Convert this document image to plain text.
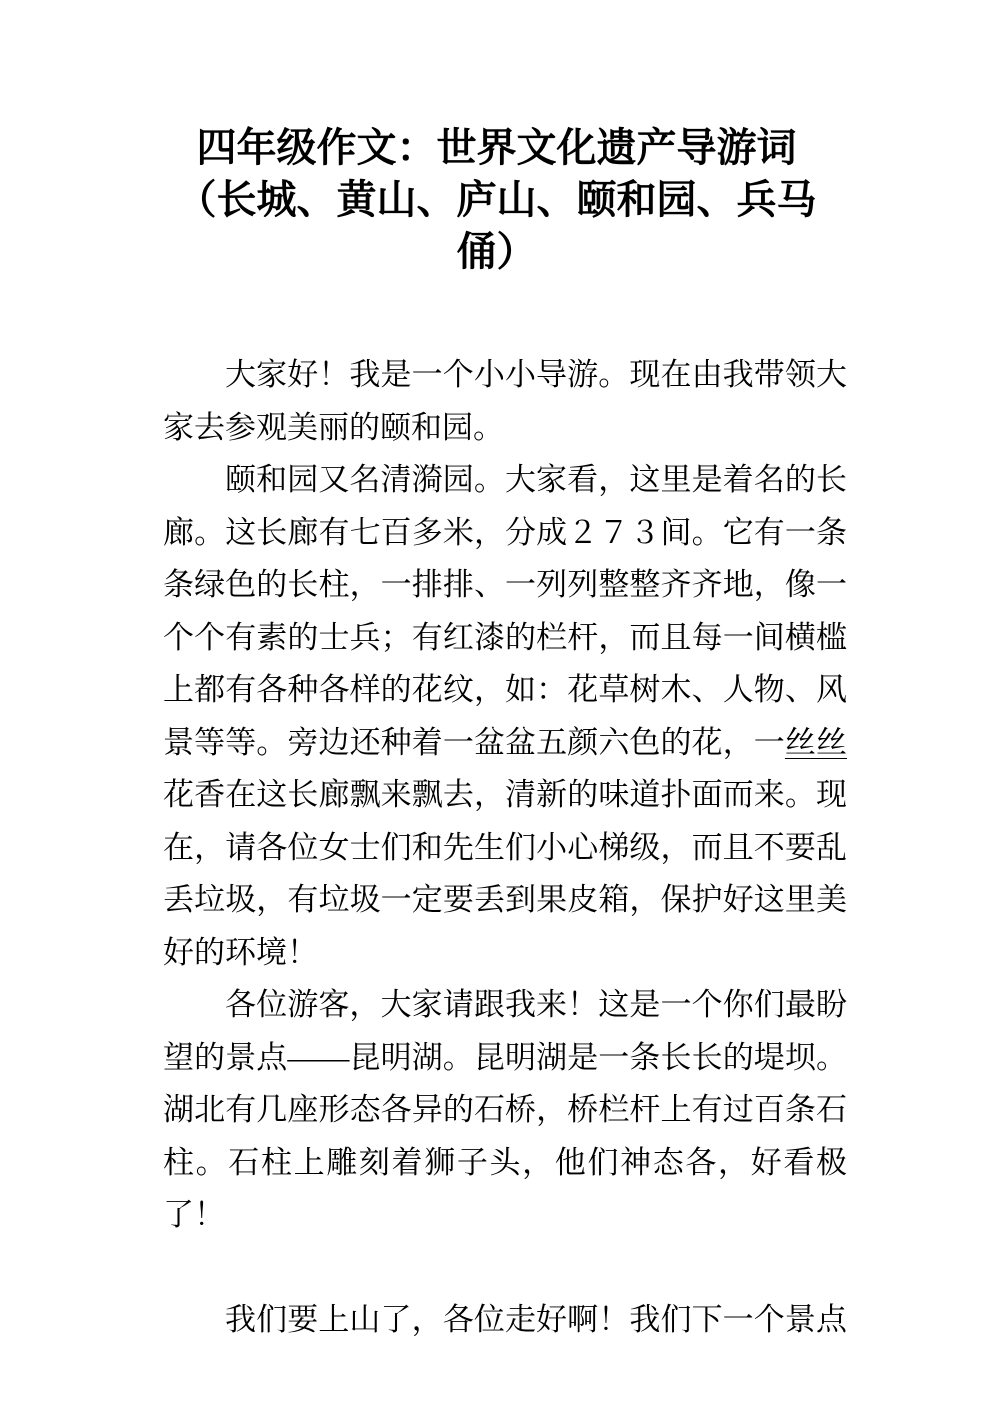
四年级作文：世界文化遗产导游词
（长城、黄山、庐山、颐和园、兵马
俑）
大家好！我是一个小小导游。现在由我带领大
家去参观美丽的颐和园。
颐和园又名清漪园。大家看，这里是着名的长
廊。这长廊有七百多米，分成２７３间。它有一条
条绿色的长柱，一排排、一列列整整齐齐地，像一
个个有素的士兵；有红漆的栏杆，而且每一间横槛
上都有各种各样的花纹，如：花草树木、人物、风
景等等。旁边还种着一盆盆五颜六色的花，一丝丝
花香在这长廊飘来飘去，清新的味道扑面而来。现
在，请各位女士们和先生们小心梯级，而且不要乱
丢垃圾，有垃圾一定要丢到果皮箱，保护好这里美
好的环境！
各位游客，大家请跟我来！这是一个你们最盼
望的景点——昆明湖。昆明湖是一条长长的堤坝。
湖北有几座形态各异的石桥，桥栏杆上有过百条石
柱。石柱上雕刻着狮子头，他们神态各，好看极了！
我们要上山了，各位走好啊！我们下一个景点
